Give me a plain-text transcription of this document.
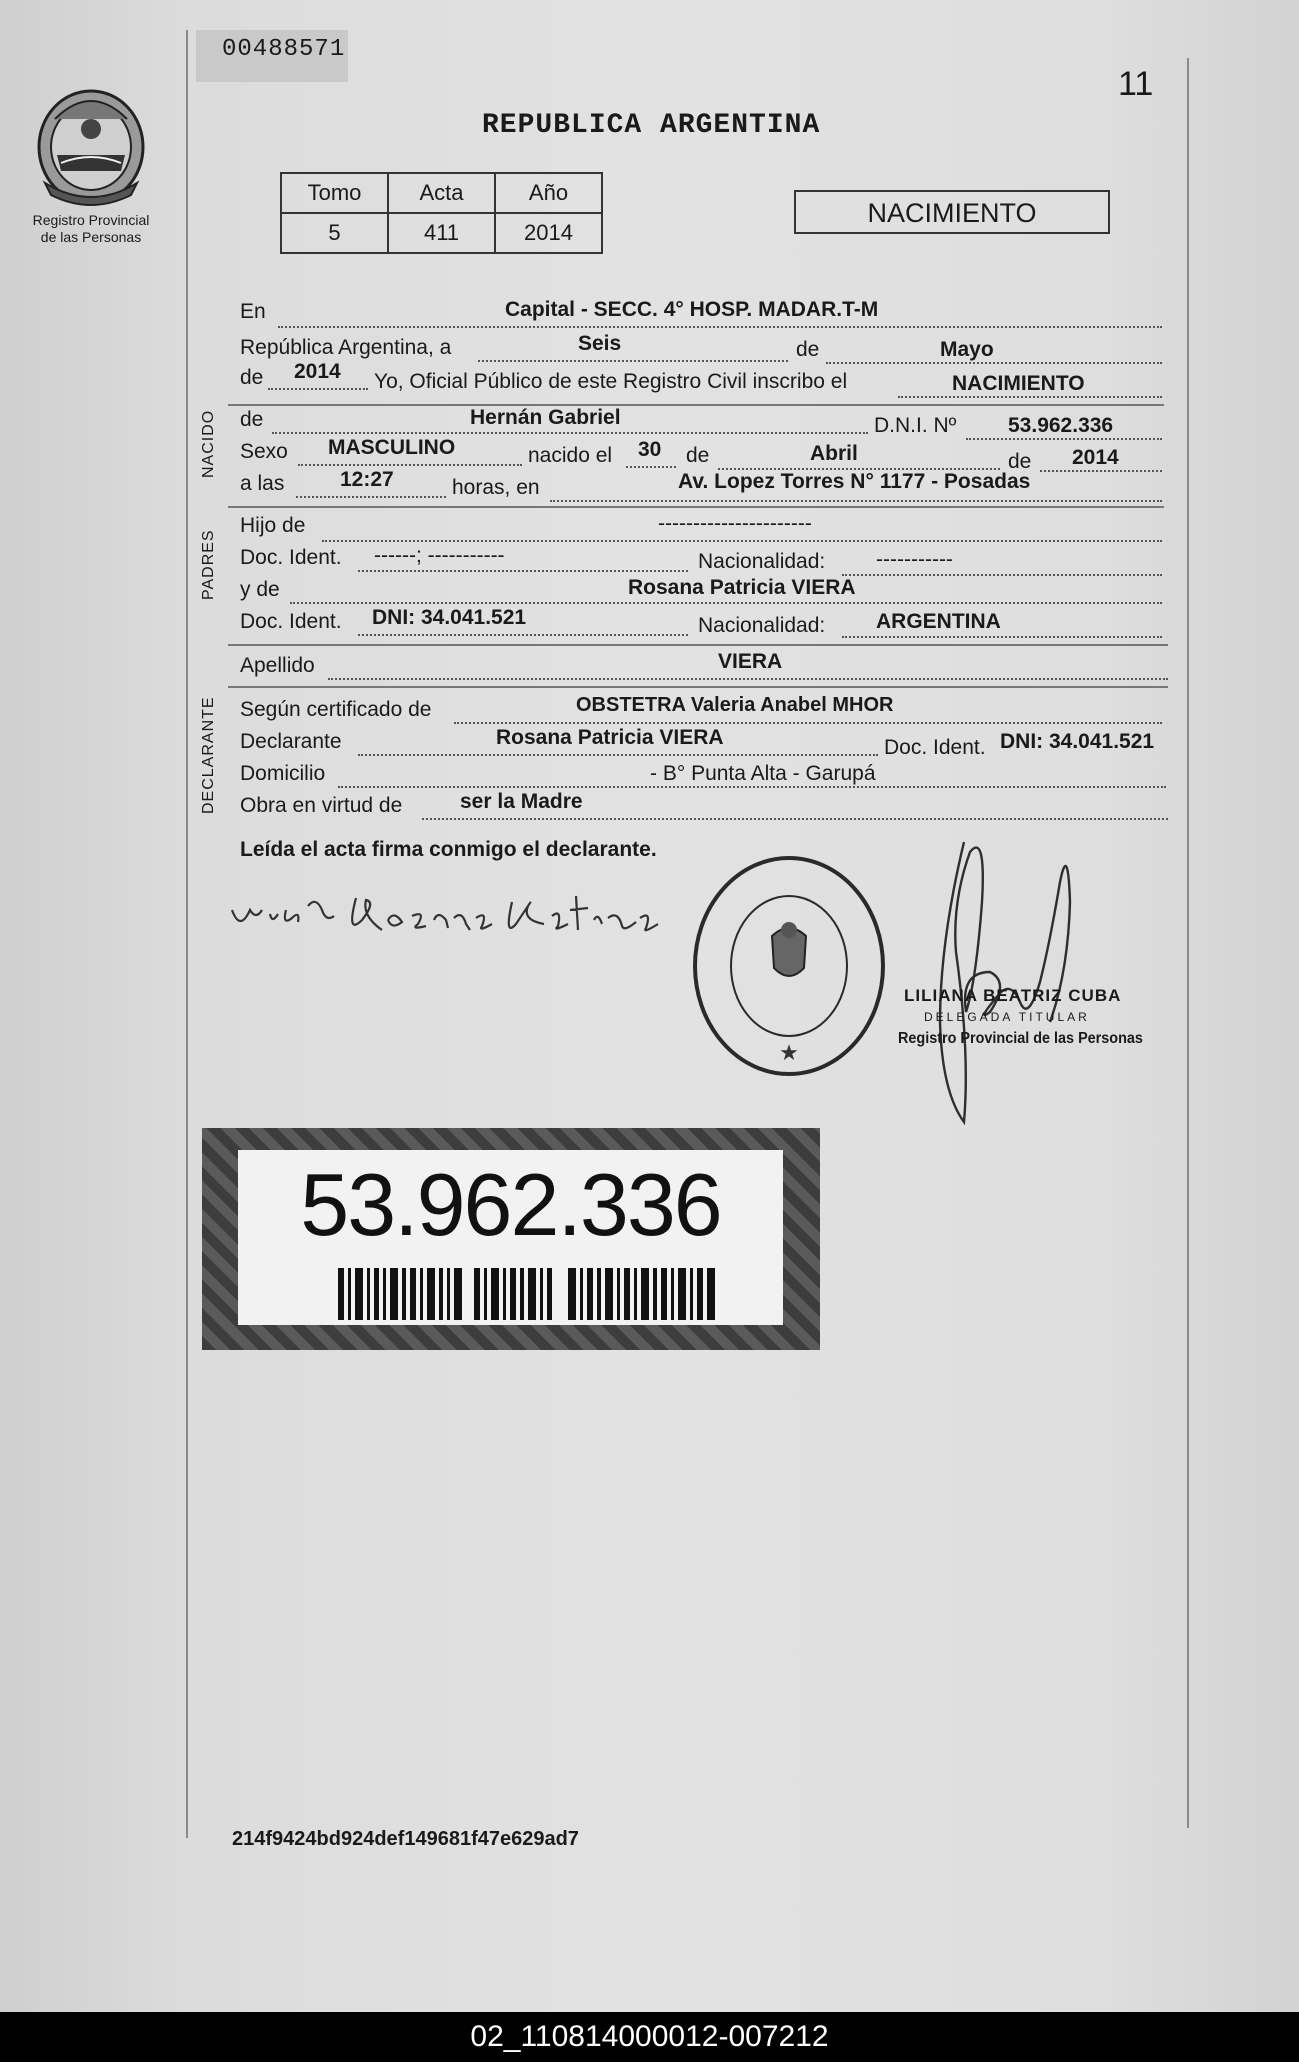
00488571
11
REPUBLICA ARGENTINA
Registro Provincial
de las Personas
Tomo	Acta	Año
5	411	2014
NACIMIENTO
NACIDO
PADRES
DECLARANTE
En	Capital - SECC. 4° HOSP. MADAR.T-M
República Argentina, a	Seis	de	Mayo
de 2014 Yo, Oficial Público de este Registro Civil inscribo el	NACIMIENTO
de	Hernán Gabriel	D.N.I. Nº 53.962.336
Sexo MASCULINO	nacido el 30 de	Abril	de 2014
a las	12:27	horas, en	Av. Lopez Torres N° 1177 - Posadas
Hijo de	----------------------
Doc. Ident. ------; -----------	Nacionalidad: -----------
y de	Rosana Patricia VIERA
Doc. Ident. DNI: 34.041.521	Nacionalidad: ARGENTINA
Apellido	VIERA
Según certificado de	OBSTETRA Valeria Anabel MHOR
Declarante	Rosana Patricia VIERA	Doc. Ident. DNI: 34.041.521
Domicilio	- B° Punta Alta - Garupá
Obra en virtud de	ser la Madre
Leída el acta firma conmigo el declarante.
★
LILIANA BEATRIZ CUBA
DELEGADA TITULAR
Registro Provincial de las Personas
53.962.336
214f9424bd924def149681f47e629ad7
02_110814000012-007212
